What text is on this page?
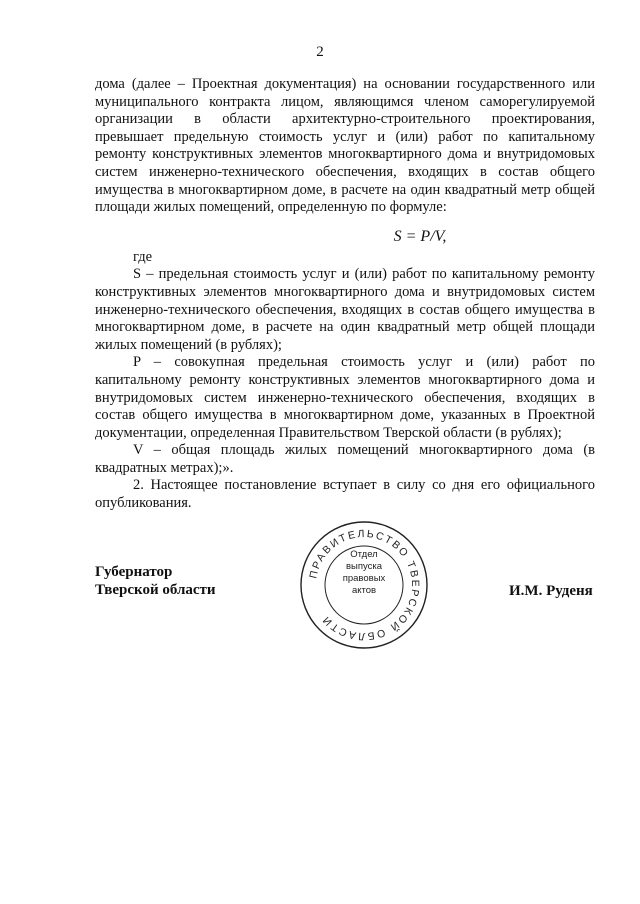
2

дома (далее – Проектная документация) на основании государственного или муниципального контракта лицом, являющимся членом саморегулируемой организации в области архитектурно-строительного проектирования, превышает предельную стоимость услуг и (или) работ по капитальному ремонту конструктивных элементов многоквартирного дома и внутридомовых систем инженерно-технического обеспечения, входящих в состав общего имущества в многоквартирном доме, в расчете на один квадратный метр общей площади жилых помещений, определенную по формуле:

S = P/V,

где

S – предельная стоимость услуг и (или) работ по капитальному ремонту конструктивных элементов многоквартирного дома и внутридомовых систем инженерно-технического обеспечения, входящих в состав общего имущества в многоквартирном доме, в расчете на один квадратный метр общей площади жилых помещений (в рублях);

P – совокупная предельная стоимость услуг и (или) работ по капитальному ремонту конструктивных элементов многоквартирного дома и внутридомовых систем инженерно-технического обеспечения, входящих в состав общего имущества в многоквартирном доме, указанных в Проектной документации, определенная Правительством Тверской области (в рублях);

V – общая площадь жилых помещений многоквартирного дома (в квадратных метрах);».

2. Настоящее постановление вступает в силу со дня его официального опубликования.

Губернатор
Тверской области
ПРАВИТЕЛЬСТВО ТВЕРСКОЙ ОБЛАСТИ
Отдел
выпуска
правовых
актов	И.М. Руденя
